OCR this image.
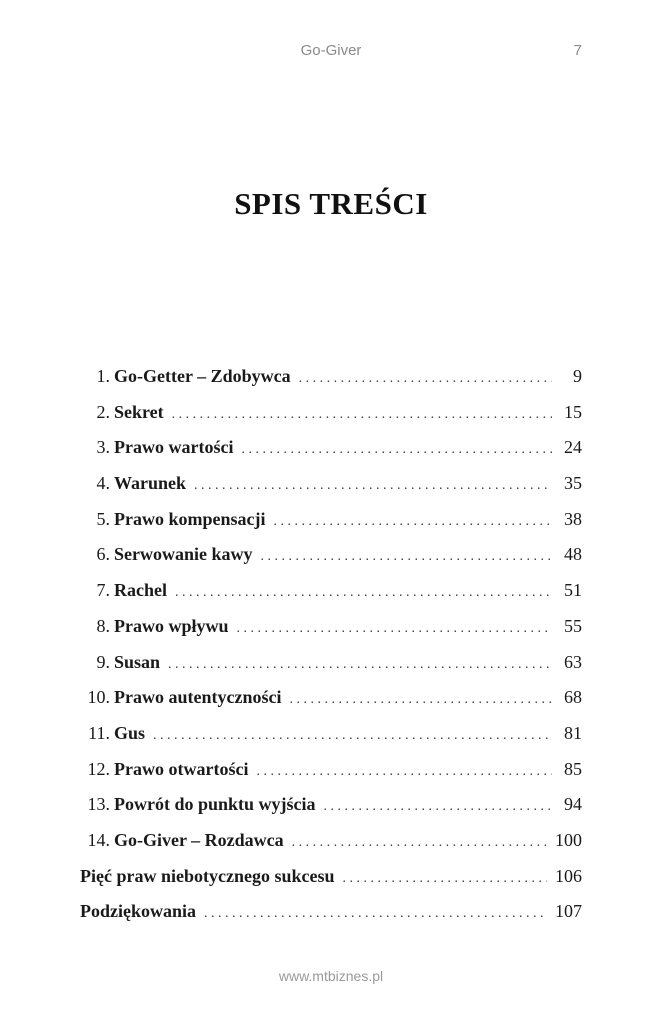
Go-Giver	7
SPIS TREŚCI
1. Go-Getter – Zdobywca . . .	9
2. Sekret . . .	15
3. Prawo wartości . . .	24
4. Warunek . . .	35
5. Prawo kompensacji . . .	38
6. Serwowanie kawy . . .	48
7. Rachel . . .	51
8. Prawo wpływu . . .	55
9. Susan . . .	63
10. Prawo autentyczności . . .	68
11. Gus . . .	81
12. Prawo otwartości . . .	85
13. Powrót do punktu wyjścia . . .	94
14. Go-Giver – Rozdawca . . .	100
Pięć praw niebotycznego sukcesu . . .	106
Podziękowania . . .	107
www.mtbiznes.pl
